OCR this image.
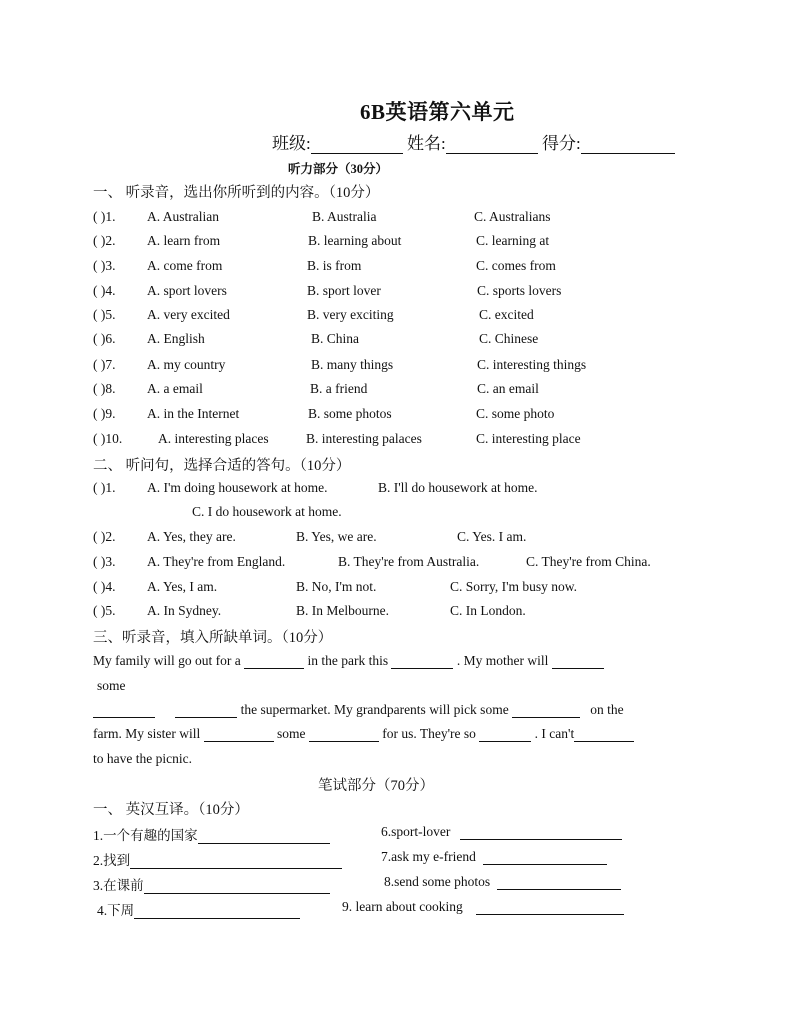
6B英语第六单元
班级:	姓名:	得分:
听力部分（30分）
一、 听录音，选出你所听到的内容。（10分）
( )1. A. Australian	B. Australia	C. Australians
( )2. A. learn from	B. learning about	C. learning at
( )3. A. come from	B. is from	C. comes from
( )4. A. sport lovers	B. sport lover	C. sports lovers
( )5. A. very excited	B. very exciting	C. excited
( )6. A. English	B. China	C. Chinese
( )7. A. my country	B. many things	C. interesting things
( )8. A. a email	B. a friend	C. an email
( )9. A. in the Internet	B. some photos	C. some photo
( )10.	A. interesting places	B. interesting palaces	C. interesting place
二、 听问句，选择合适的答句。（10分）
( )1. A. I'm doing housework at home.	B. I'll do housework at home.
C. I do housework at home.
( )2. A. Yes, they are.	B. Yes, we are.	C. Yes. I am.
( )3. A. They're from England.	B. They're from Australia.	C. They're from China.
( )4. A. Yes, I am.	B. No, I'm not.	C. Sorry, I'm busy now.
( )5. A. In Sydney.	B. In Melbourne.	C. In London.
三、听录音，填入所缺单词。（10分）
My family will go out for a	in the park this	. My mother will
some
the supermarket. My grandparents will pick some	on the
farm. My sister will	some	for us. They're so	. I can't
to have the picnic.
笔试部分（70分）
一、 英汉互译。（10分）
1.一个有趣的国家	6.sport-lover
2.找到	7.ask my e-friend
3.在课前	8.send some photos
4.下周	9. learn about cooking
